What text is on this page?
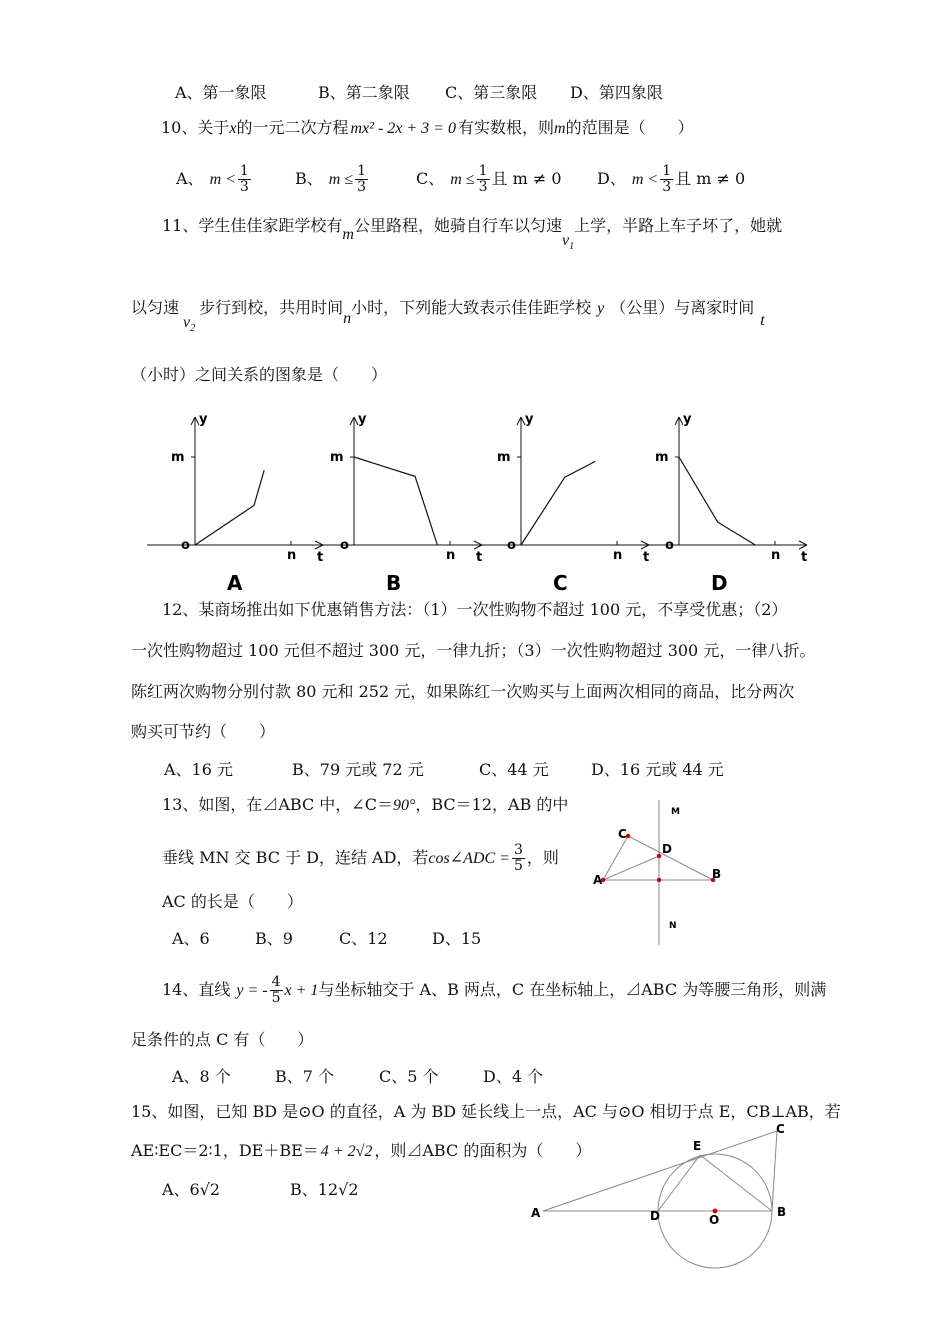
A、第一象限	B、第二象限 C、第三象限 D、第四象限
10、关于x的一元二次方程 mx² - 2x + 3 = 0 有实数根，则m的范围是（　　）
A、 $m < \frac{1}{3}$	B、 $m \le \frac{1}{3}$	C、 $m \le \frac{1}{3}$ 且 m ≠ 0 D、 $m < \frac{1}{3}$ 且 m ≠ 0
11、学生佳佳家距学校有m公里路程，她骑自行车以匀速$v_1$上学，半路上车子坏了，她就
以匀速$v_2$步行到校，共用时间n小时，下列能大致表示佳佳距学校 y （公里）与离家时间t
（小时）之间关系的图象是（　　）
y
m
o
n t
A
y
m
o
n t
B
y
m
o
n t
C
y
m
o
n t
D
12、某商场推出如下优惠销售方法：（1）一次性购物不超过 100 元，不享受优惠；（2）
一次性购物超过 100 元但不超过 300 元，一律九折；（3）一次性购物超过 300 元，一律八折。
陈红两次购物分别付款 80 元和 252 元，如果陈红一次购买与上面两次相同的商品，比分两次
购买可节约（　　）
A、16 元	B、79 元或 72 元	C、44 元	D、16 元或 44 元
13、如图，在⊿ABC 中，∠C＝90°，BC＝12，AB 的中
垂线 MN 交 BC 于 D，连结 AD，若cos∠ADC = $\frac{3}{5}$ ，则
AC 的长是（　　）
A、6	B、9	C、12	D、15
M
C
D
A	B
N
14、直线 y = - $\frac{4}{5}$ x + 1与坐标轴交于 A、B 两点，C 在坐标轴上，⊿ABC 为等腰三角形，则满
足条件的点 C 有（　　）
A、8 个	B、7 个	C、5 个	D、4 个
15、如图，已知 BD 是⊙O 的直径，A 为 BD 延长线上一点，AC 与⊙O 相切于点 E，CB⊥AB，若
AE∶EC＝2∶1，DE＋BE＝ 4 + 2√2 ，则⊿ABC 的面积为（　　）
A、6√2	B、12√2
C
E
A	D	O
B
